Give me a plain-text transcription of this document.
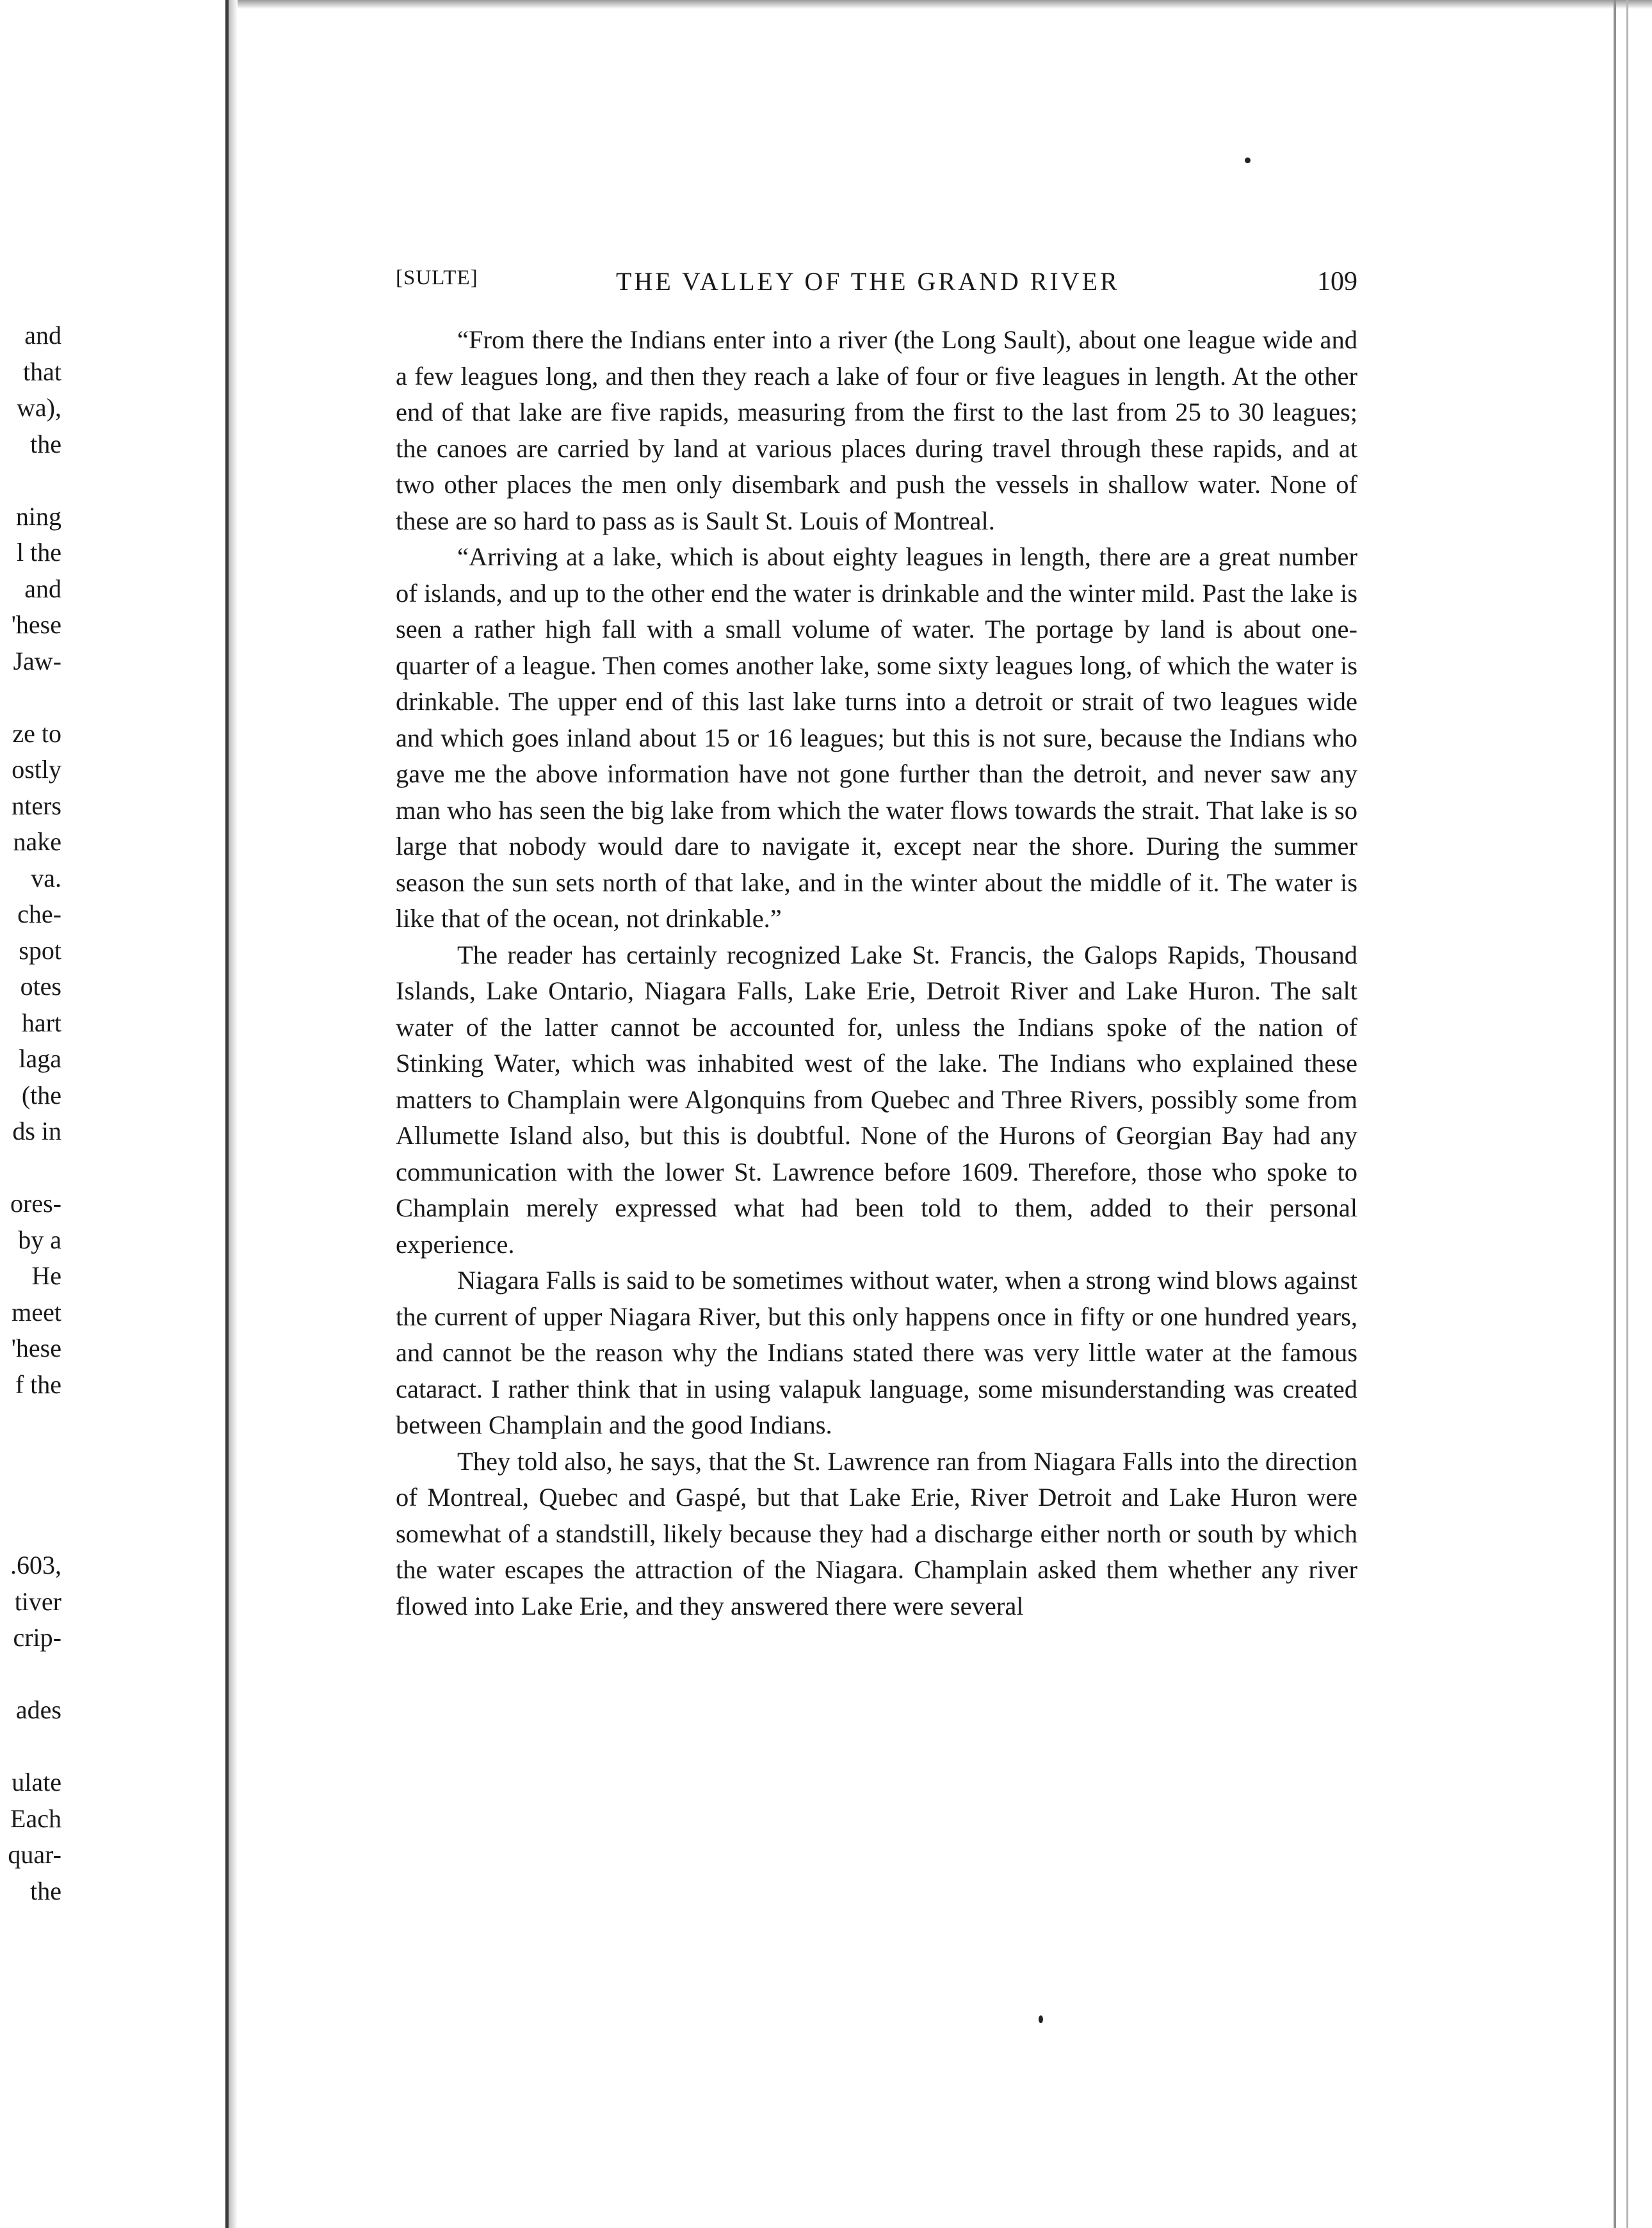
and
that
wa),
the
ning
l the
and
'hese
Jaw-
ze to
ostly
nters
nake
va.
che-
spot
otes
hart
laga
(the
ds in
ores-
by a
He
meet
'hese
f the
.603,
tiver
crip-
ades
ulate
Each
quar-
the
[SULTE]	THE VALLEY OF THE GRAND RIVER	109

“From there the Indians enter into a river (the Long Sault), about one league wide and a few leagues long, and then they reach a lake of four or five leagues in length. At the other end of that lake are five rapids, measuring from the first to the last from 25 to 30 leagues; the canoes are carried by land at various places during travel through these rapids, and at two other places the men only disembark and push the vessels in shallow water. None of these are so hard to pass as is Sault St. Louis of Montreal.

“Arriving at a lake, which is about eighty leagues in length, there are a great number of islands, and up to the other end the water is drinkable and the winter mild. Past the lake is seen a rather high fall with a small volume of water. The portage by land is about one-quarter of a league. Then comes another lake, some sixty leagues long, of which the water is drinkable. The upper end of this last lake turns into a detroit or strait of two leagues wide and which goes inland about 15 or 16 leagues; but this is not sure, because the Indians who gave me the above information have not gone further than the detroit, and never saw any man who has seen the big lake from which the water flows towards the strait. That lake is so large that nobody would dare to navigate it, except near the shore. During the summer season the sun sets north of that lake, and in the winter about the middle of it. The water is like that of the ocean, not drinkable.”

The reader has certainly recognized Lake St. Francis, the Galops Rapids, Thousand Islands, Lake Ontario, Niagara Falls, Lake Erie, Detroit River and Lake Huron. The salt water of the latter cannot be accounted for, unless the Indians spoke of the nation of Stinking Water, which was inhabited west of the lake. The Indians who explained these matters to Champlain were Algonquins from Quebec and Three Rivers, possibly some from Allumette Island also, but this is doubtful. None of the Hurons of Georgian Bay had any communication with the lower St. Lawrence before 1609. Therefore, those who spoke to Champlain merely expressed what had been told to them, added to their personal experience.

Niagara Falls is said to be sometimes without water, when a strong wind blows against the current of upper Niagara River, but this only happens once in fifty or one hundred years, and cannot be the reason why the Indians stated there was very little water at the famous cataract. I rather think that in using valapuk language, some misunderstanding was created between Champlain and the good Indians.

They told also, he says, that the St. Lawrence ran from Niagara Falls into the direction of Montreal, Quebec and Gaspé, but that Lake Erie, River Detroit and Lake Huron were somewhat of a standstill, likely because they had a discharge either north or south by which the water escapes the attraction of the Niagara. Champlain asked them whether any river flowed into Lake Erie, and they answered there were several
